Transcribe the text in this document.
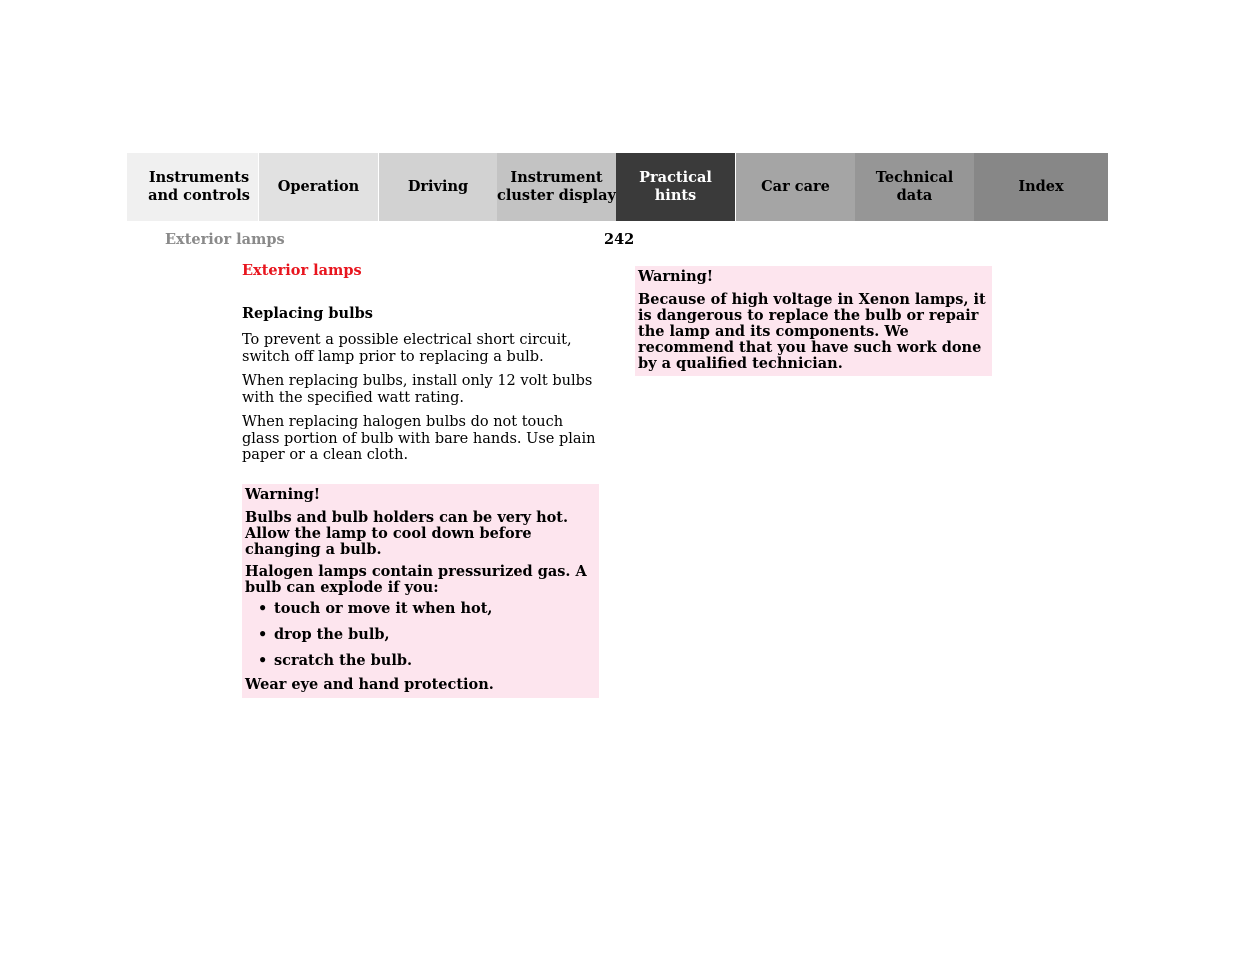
Instruments
and controls
Operation	Driving
Instrument
cluster display
Practical hints
Car care
Technical
data
Index
Exterior lamps	242
Exterior lamps
Replacing bulbs

To prevent a possible electrical short circuit, switch off lamp prior to replacing a bulb.

When replacing bulbs, install only 12 volt bulbs with the specified watt rating.

When replacing halogen bulbs do not touch glass portion of bulb with bare hands. Use plain paper or a clean cloth.

Warning!

Bulbs and bulb holders can be very hot. Allow the lamp to cool down before changing a bulb.

Halogen lamps contain pressurized gas. A bulb can explode if you:

• touch or move it when hot,
• drop the bulb,
• scratch the bulb.

Wear eye and hand protection.

Warning!

Because of high voltage in Xenon lamps, it is dangerous to replace the bulb or repair the lamp and its components. We recommend that you have such work done by a qualified technician.
